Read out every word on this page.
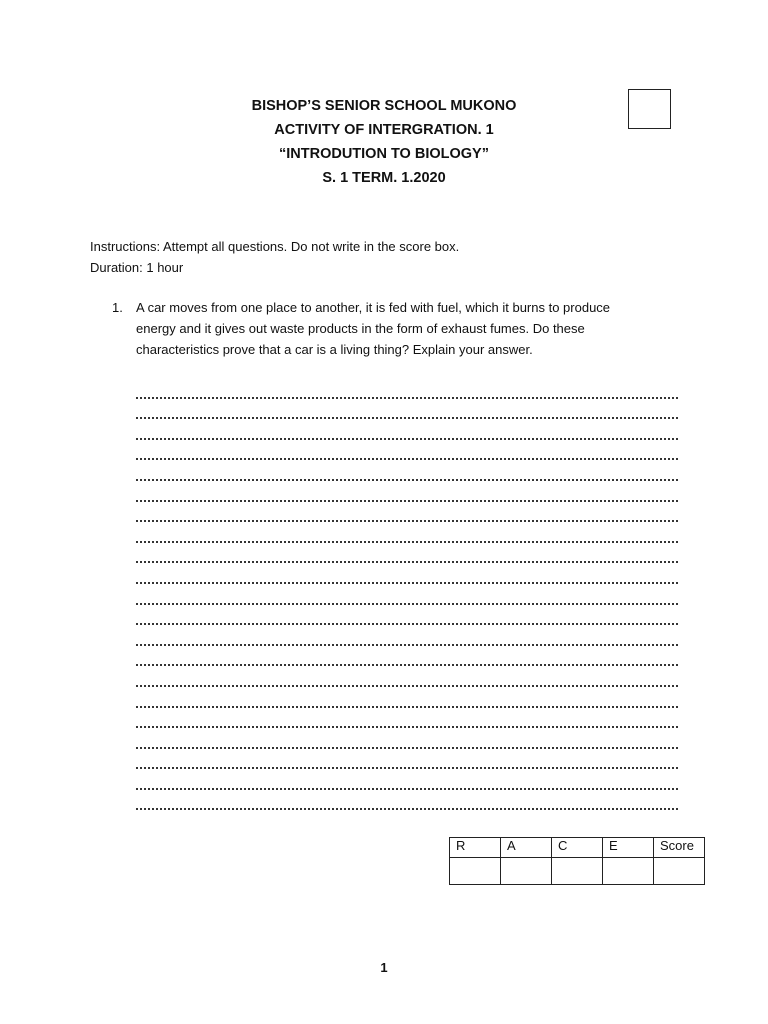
BISHOP’S SENIOR SCHOOL MUKONO
ACTIVITY OF INTERGRATION. 1
“INTRODUTION TO BIOLOGY”
S. 1 TERM. 1.2020
Instructions: Attempt all questions. Do not write in the score box.
Duration: 1 hour
1. A car moves from one place to another, it is fed with fuel, which it burns to produce
energy and it gives out waste products in the form of exhaust fumes. Do these
characteristics prove that a car is a living thing? Explain your answer.
R	A	C	E	Score

1
